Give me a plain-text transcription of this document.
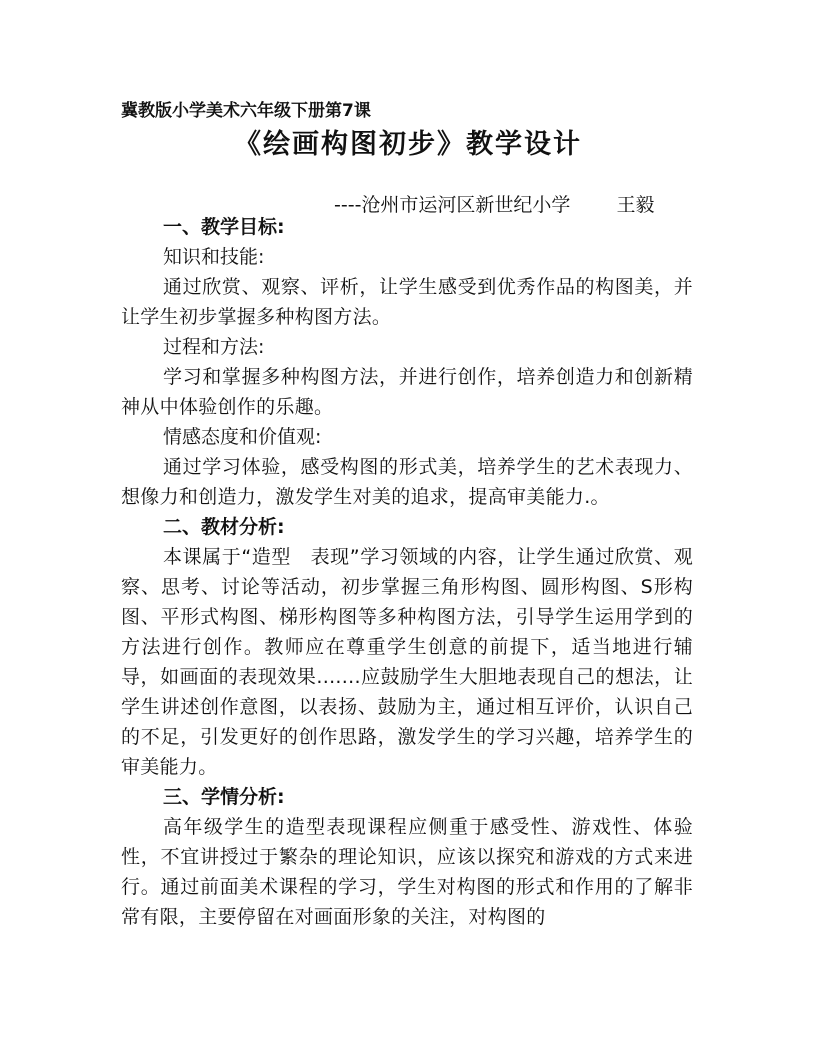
冀教版小学美术六年级下册第7课
《绘画构图初步》教学设计
----沧州市运河区新世纪小学 王毅

一、教学目标:

知识和技能:

通过欣赏、观察、评析，让学生感受到优秀作品的构图美，并让学生初步掌握多种构图方法。

过程和方法:

学习和掌握多种构图方法，并进行创作，培养创造力和创新精神从中体验创作的乐趣。

情感态度和价值观:

通过学习体验，感受构图的形式美，培养学生的艺术表现力、想像力和创造力，激发学生对美的追求，提高审美能力.。

二、教材分析:

本课属于“造型　表现”学习领域的内容，让学生通过欣赏、观察、思考、讨论等活动，初步掌握三角形构图、圆形构图、S形构图、平形式构图、梯形构图等多种构图方法，引导学生运用学到的方法进行创作。教师应在尊重学生创意的前提下，适当地进行辅导，如画面的表现效果.......应鼓励学生大胆地表现自己的想法，让学生讲述创作意图，以表扬、鼓励为主，通过相互评价，认识自己的不足，引发更好的创作思路，激发学生的学习兴趣，培养学生的审美能力。

三、学情分析:

高年级学生的造型表现课程应侧重于感受性、游戏性、体验性，不宜讲授过于繁杂的理论知识，应该以探究和游戏的方式来进行。通过前面美术课程的学习，学生对构图的形式和作用的了解非常有限，主要停留在对画面形象的关注，对构图的
